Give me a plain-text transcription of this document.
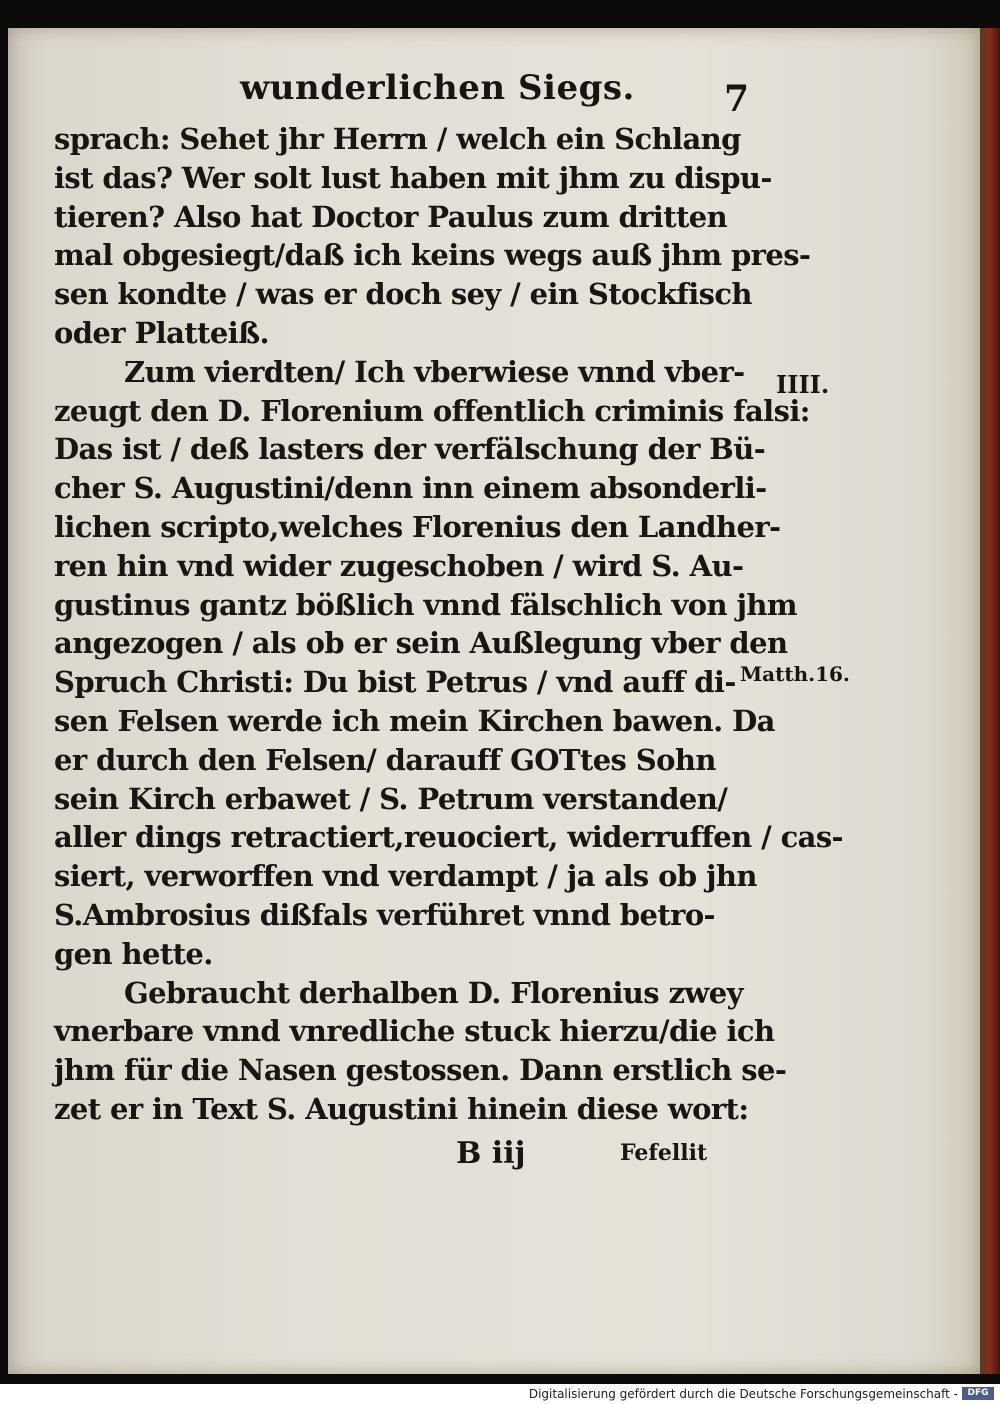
wunderlichen Siegs. 7
sprach: Sehet jhr Herrn / welch ein Schlang
ist das? Wer solt lust haben mit jhm zu dispu-
tieren? Also hat Doctor Paulus zum dritten
mal obgesiegt/daß ich keins wegs auß jhm pres-
sen kondte / was er doch sey / ein Stockfisch
oder Platteiß.
Zum vierdten/ Ich vberwiese vnnd vber-
zeugt den D. Florenium offentlich criminis falsi:
Das ist / deß lasters der verfälschung der Bü-
cher S. Augustini/denn inn einem absonderli-
lichen scripto,welches Florenius den Landher-
ren hin vnd wider zugeschoben / wird S. Au-
gustinus gantz bößlich vnnd fälschlich von jhm
angezogen / als ob er sein Außlegung vber den
Spruch Christi: Du bist Petrus / vnd auff di-
sen Felsen werde ich mein Kirchen bawen. Da
er durch den Felsen/ darauff GOTtes Sohn
sein Kirch erbawet / S. Petrum verstanden/
aller dings retractiert,reuociert, widerruffen / cas-
siert, verworffen vnd verdampt / ja als ob jhn
S.Ambrosius dißfals verführet vnnd betro-
gen hette.
Gebraucht derhalben D. Florenius zwey
vnerbare vnnd vnredliche stuck hierzu/die ich
jhm für die Nasen gestossen. Dann erstlich se-
zet er in Text S. Augustini hinein diese wort:
IIII.
Matth.16.
B iij	Fefellit
Digitalisierung gefördert durch die Deutsche Forschungsgemeinschaft -	DFG
